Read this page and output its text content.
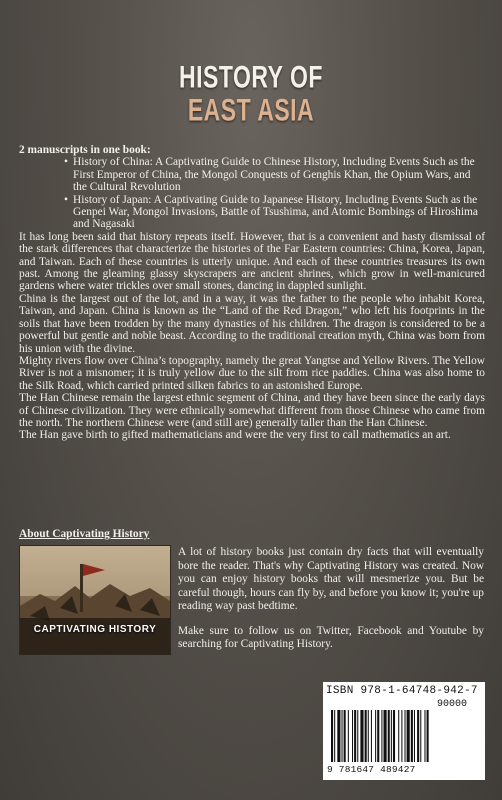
HISTORY OF
EAST ASIA

2 manuscripts in one book:

• History of China: A Captivating Guide to Chinese History, Including Events Such as the First Emperor of China, the Mongol Conquests of Genghis Khan, the Opium Wars, and the Cultural Revolution
• History of Japan: A Captivating Guide to Japanese History, Including Events Such as the Genpei War, Mongol Invasions, Battle of Tsushima, and Atomic Bombings of Hiroshima and Nagasaki

It has long been said that history repeats itself. However, that is a convenient and hasty dismissal of the stark differences that characterize the histories of the Far Eastern countries: China, Korea, Japan, and Taiwan. Each of these countries is utterly unique. And each of these countries treasures its own past. Among the gleaming glassy skyscrapers are ancient shrines, which grow in well-manicured gardens where water trickles over small stones, dancing in dappled sunlight.

China is the largest out of the lot, and in a way, it was the father to the people who inhabit Korea, Taiwan, and Japan. China is known as the “Land of the Red Dragon,” who left his footprints in the soils that have been trodden by the many dynasties of his children. The dragon is considered to be a powerful but gentle and noble beast. According to the traditional creation myth, China was born from his union with the divine.

Mighty rivers flow over China’s topography, namely the great Yangtse and Yellow Rivers. The Yellow River is not a misnomer; it is truly yellow due to the silt from rice paddies. China was also home to the Silk Road, which carried printed silken fabrics to an astonished Europe.

The Han Chinese remain the largest ethnic segment of China, and they have been since the early days of Chinese civilization. They were ethnically somewhat different from those Chinese who came from the north. The northern Chinese were (and still are) generally taller than the Han Chinese.

The Han gave birth to gifted mathematicians and were the very first to call mathematics an art.

About Captivating History
CAPTIVATING HISTORY

A lot of history books just contain dry facts that will eventually bore the reader. That's why Captivating History was created. Now you can enjoy history books that will mesmerize you. But be careful though, hours can fly by, and before you know it; you're up reading way past bedtime.

Make sure to follow us on Twitter, Facebook and Youtube by searching for Captivating History.

ISBN 978-1-64748-942-7
90000
9 781647 489427
